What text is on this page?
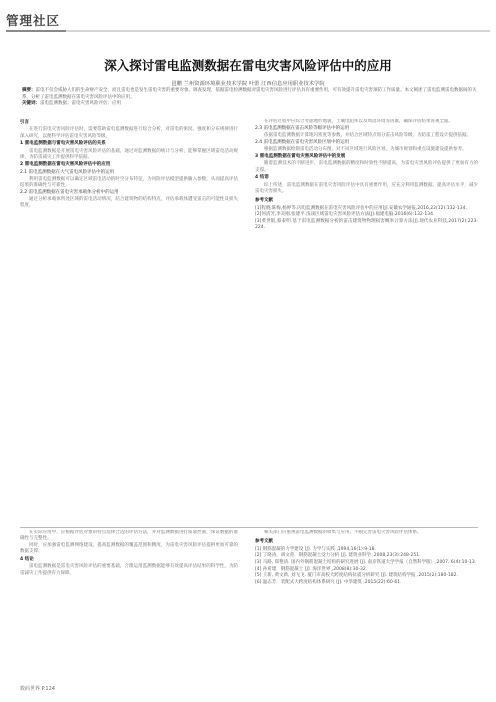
管理社区
深入探讨雷电监测数据在雷电灾害风险评估中的应用
邕鹏 兰州资源环境职业技术学院 叶蕾 江西信息应用职业技术学院
摘要：雷电不仅会威胁人们的生命财产安全，而且雷电也是发生雷电灾害的重要对象。调查发现，依据雷电检测数据对雷电灾害风险进行评估具有重要作用，可有效提升雷电灾害预防工作质量。本文阐述了雷电监测雷电数据间的关系，分析了雷电监测数据在雷电灾害风险评估中的应用。
关键词：雷电监测数据；雷电灾害风险评估；应用

引言

在进行雷电灾害风险评估时，需要借助雷电监测数据进行综合分析，对雷电的密度、强度和分布规律进行深入研究，以便科学评估雷电灾害风险等级。

1 雷电监测数据与雷电灾害风险评估的关系

雷电监测数据是开展雷电灾害风险评估的基础，通过对监测数据的统计与分析，能够掌握区域雷电活动规律，为防雷减灾工作提供科学依据。

2 雷电监测数据在雷电灾害风险评估中的应用

2.1 雷电监测数据在大气雷电风险评估中的运用

利用雷电监测数据可以确定区域雷电活动的时空分布特征，为风险评估模型提供输入参数，从而提高评估结果的准确性与可靠性。

2.2 雷电监测数据在雷电灾害承载体分析中的运用

通过分析承载体所处区域的雷电活动情况，结合建筑物的结构特点，评估承载体遭受雷击的可能性及损失程度。

在评估过程中应综合考虑地形地貌、土壤电阻率以及周边环境等因素，确保评估结果客观全面。

2.3 雷电监测数据在雷击风险等级评估中的运用

依据雷电监测数据计算地闪密度等参数，并结合区域特点划分雷击风险等级，为防雷工程设计提供依据。

2.4 雷电监测数据在雷电灾害风险区划中的运用

根据监测数据绘制雷电活动分布图，对不同区域进行风险区划，为城市规划和重点设施建设提供参考。

3 雷电监测数据在雷电灾害风险评估中的发展

随着监测技术的不断进步，雷电监测数据的精度和时效性不断提高，为雷电灾害风险评估提供了更加有力的支撑。

4 结语

综上所述，雷电监测数据在雷电灾害风险评估中具有重要作用，应充分利用监测数据，提高评估水平，减少雷电灾害损失。

参考文献

[1]程晓,陈梅,杨婷等.闪电监测数据在雷电灾害风险评估中的应用[J].安徽农学通报,2016,22(12):132-134.

[2]何清芳,李炎刚,张建平.浅谈区域雷电灾害风险评估方法[J].福建电脑,2016(6):132-134.

[3]黄世银,蔡泰明.基于雷电监测数据分析的雷击建筑物物理损害概率计算方法[J].现代农业科技,2017(2):223-224.

在实际应用中，应根据评估对象的特点选择合适的评估方法，并对监测数据进行质量控制，保证数据的准确性与完整性。

同时，应加强雷电监测网络建设，提高监测数据的覆盖范围和精度，为雷电灾害风险评估提供更加可靠的数据支撑。

4 结论

雷电监测数据是雷电灾害风险评估的重要基础，合理运用监测数据能够有效提高评估结果的科学性，为防雷减灾工作提供有力保障。

相关部门应重视雷电监测数据的收集与应用，不断完善雷电灾害风险评估体系。

参考文献

[1] 钢筋混凝的力学建设 [J]. 力学与实践 ,1994,16(1):9-18.

[2] 丁晓涛，胡文普．钢筋混凝土受力分析 [J]. 建筑业科学 ,2008,23(3):248-251.

[3] 马路, 郑艳清. 国内外钢筋混凝土结构的研究进展 [J]. 南京铁道大学学报（自然科学版）,2007, 6(4):10-13.

[4] 孙希建．钢筋混凝土 [J]. 海洋世界 ,2008(8):30-32.

[5] 王新, 黄文新, 刘飞飞. 厦门市高校大跨度结构抗震分析研究 [J]. 建筑结构学报 ,2015(2):180-182.

[6] 温志芳．装配式大跨度结构体系研究 [J]. 中华建筑 ,2015(22):60-61.

数码世界 P.124
